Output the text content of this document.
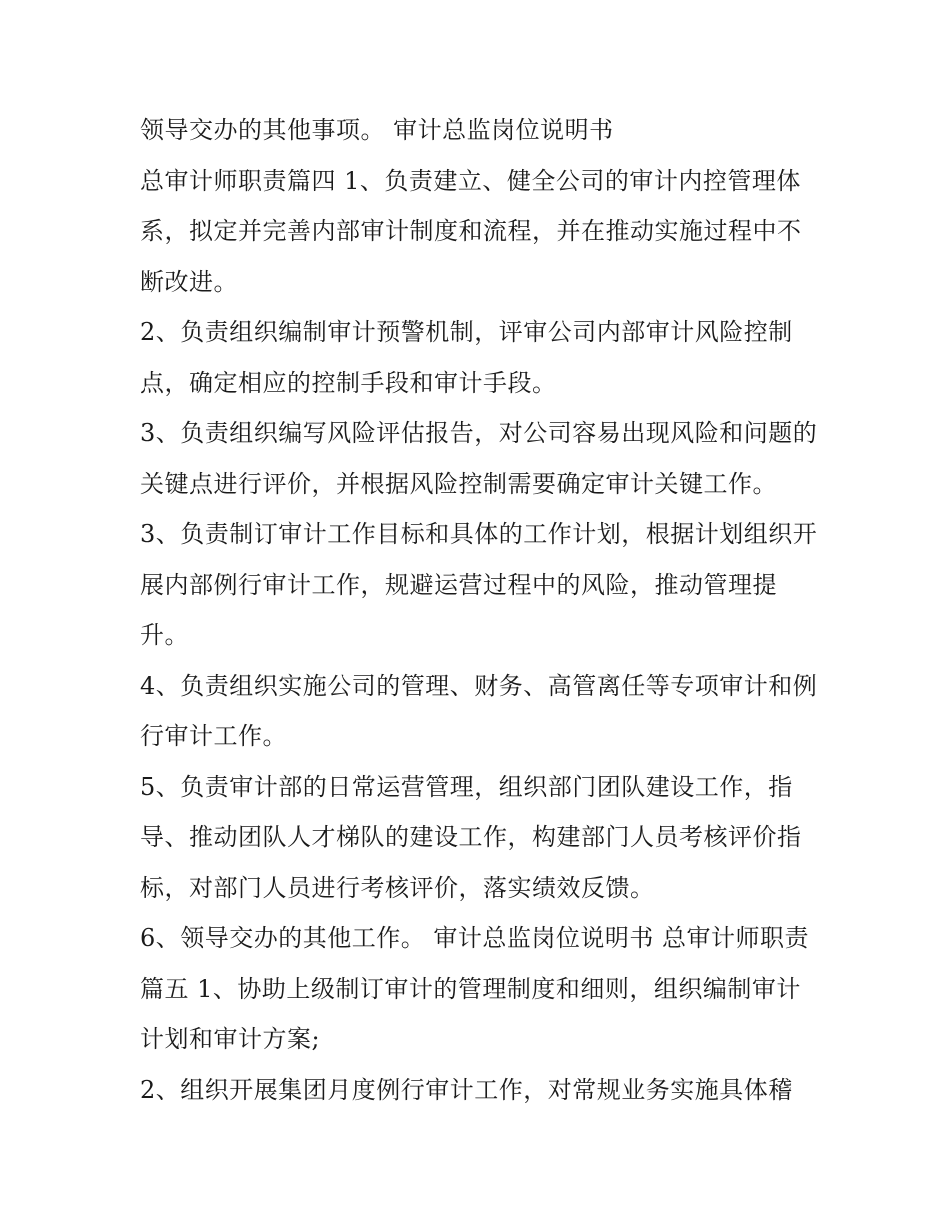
领导交办的其他事项。 审计总监岗位说明书

总审计师职责篇四 1、负责建立、健全公司的审计内控管理体系，拟定并完善内部审计制度和流程，并在推动实施过程中不断改进。

2、负责组织编制审计预警机制，评审公司内部审计风险控制点，确定相应的控制手段和审计手段。

3、负责组织编写风险评估报告，对公司容易出现风险和问题的关键点进行评价，并根据风险控制需要确定审计关键工作。

3、负责制订审计工作目标和具体的工作计划，根据计划组织开展内部例行审计工作，规避运营过程中的风险，推动管理提升。

4、负责组织实施公司的管理、财务、高管离任等专项审计和例行审计工作。

5、负责审计部的日常运营管理，组织部门团队建设工作，指导、推动团队人才梯队的建设工作，构建部门人员考核评价指标，对部门人员进行考核评价，落实绩效反馈。

6、领导交办的其他工作。 审计总监岗位说明书 总审计师职责篇五 1、协助上级制订审计的管理制度和细则，组织编制审计计划和审计方案;

2、组织开展集团月度例行审计工作，对常规业务实施具体稽
